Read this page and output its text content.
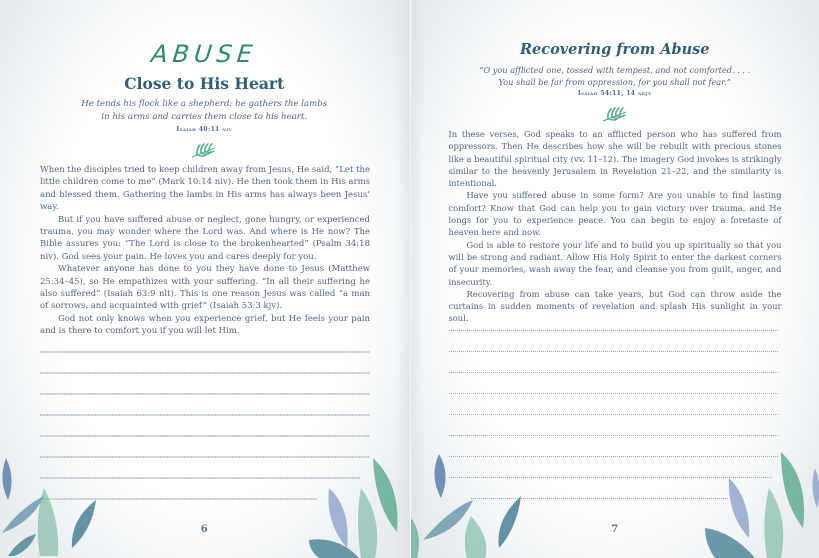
ABUSE
Close to His Heart
He tends his flock like a shepherd: he gathers the lambs
in his arms and carries them close to his heart.
Isaiah 40:11 niv

When the disciples tried to keep children away from Jesus, He said, “Let the little children come to me” (Mark 10:14 niv). He then took them in His arms and blessed them. Gathering the lambs in His arms has always been Jesus’ way.

But if you have suffered abuse or neglect, gone hungry, or experienced trauma, you may wonder where the Lord was. And where is He now? The Bible assures you: “The Lord is close to the brokenhearted” (Psalm 34:18 niv). God sees your pain. He loves you and cares deeply for you.

Whatever anyone has done to you they have done to Jesus (Matthew 25:34–45), so He empathizes with your suffering. “In all their suffering he also suffered” (Isaiah 63:9 nlt). This is one reason Jesus was called “a man of sorrows, and acquainted with grief” (Isaiah 53:3 kjv).

God not only knows when you experience grief, but He feels your pain and is there to comfort you if you will let Him.

6
Recovering from Abuse
“O you afflicted one, tossed with tempest, and not comforted. . . .
You shall be far from oppression, for you shall not fear.”
Isaiah 54:11, 14 nkjv

In these verses, God speaks to an afflicted person who has suffered from oppressors. Then He describes how she will be rebuilt with precious stones like a beautiful spiritual city (vv. 11–12). The imagery God invokes is strikingly similar to the heavenly Jerusalem in Revelation 21–22, and the similarity is intentional.

Have you suffered abuse in some form? Are you unable to find lasting comfort? Know that God can help you to gain victory over trauma, and He longs for you to experience peace. You can begin to enjoy a foretaste of heaven here and now.

God is able to restore your life and to build you up spiritually so that you will be strong and radiant. Allow His Holy Spirit to enter the darkest corners of your memories, wash away the fear, and cleanse you from guilt, anger, and insecurity.

Recovering from abuse can take years, but God can throw aside the curtains in sudden moments of revelation and splash His sunlight in your soul.

7
